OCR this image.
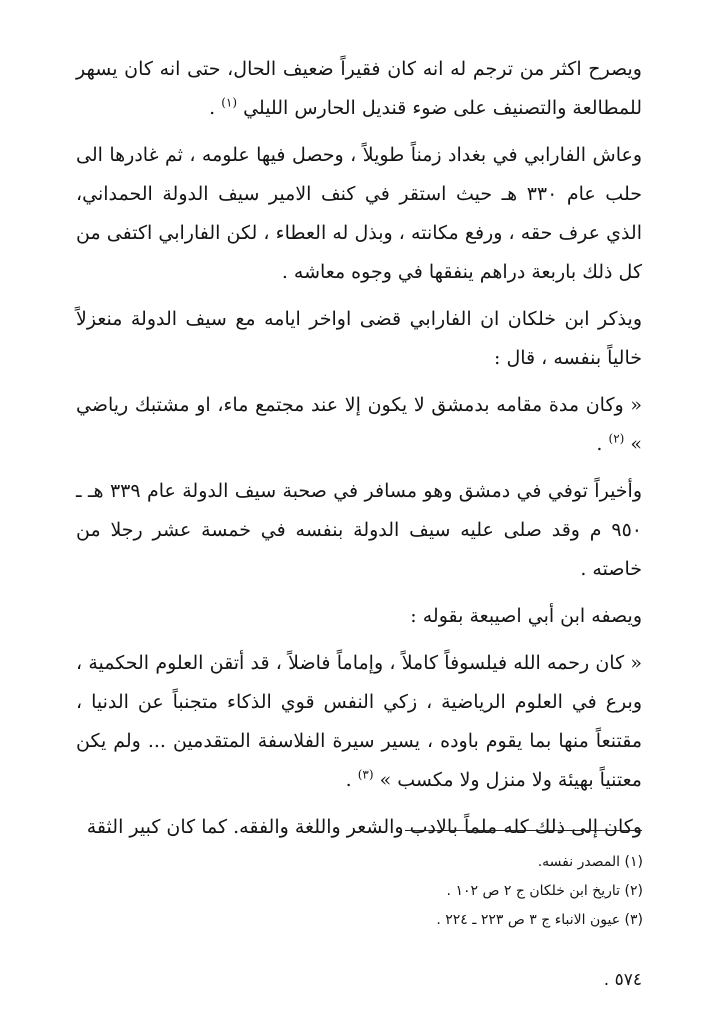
ويصرح اكثر من ترجم له انه كان فقيراً ضعيف الحال، حتى انه كان يسهر للمطالعة والتصنيف على ضوء قنديل الحارس الليلي $^{(١)}$ .

وعاش الفارابي في بغداد زمناً طويلاً ، وحصل فيها علومه ، ثم غادرها الى حلب عام ٣٣٠ هـ حيث استقر في كنف الامير سيف الدولة الحمداني، الذي عرف حقه ، ورفع مكانته ، وبذل له العطاء ، لكن الفارابي اكتفى من كل ذلك باربعة دراهم ينفقها في وجوه معاشه .

ويذكر ابن خلكان ان الفارابي قضى اواخر ايامه مع سيف الدولة منعزلاً خالياً بنفسه ، قال :

« وكان مدة مقامه بدمشق لا يكون إلا عند مجتمع ماء، او مشتبك رياضي » $^{(٢)}$ .

وأخيراً توفي في دمشق وهو مسافر في صحبة سيف الدولة عام ٣٣٩ هـ ـ ٩٥٠ م وقد صلى عليه سيف الدولة بنفسه في خمسة عشر رجلا من خاصته .

ويصفه ابن أبي اصيبعة بقوله :

« كان رحمه الله فيلسوفاً كاملاً ، وإماماً فاضلاً ، قد أتقن العلوم الحكمية ، وبرع في العلوم الرياضية ، زكي النفس قوي الذكاء متجنباً عن الدنيا ، مقتنعاً منها بما يقوم باوده ، يسير سيرة الفلاسفة المتقدمين ... ولم يكن معتنياً بهيئة ولا منزل ولا مكسب » $^{(٣)}$ .

وكان إلى ذلك كله ملماً بالادب والشعر واللغة والفقه. كما كان كبير الثقة

(١) المصدر نفسه.
(٢) تاريخ ابن خلكان ج ٢ ص ١٠٢ .
(٣) عيون الانباء ج ٣ ص ٢٢٣ ـ ٢٢٤ .
٥٧٤ .
